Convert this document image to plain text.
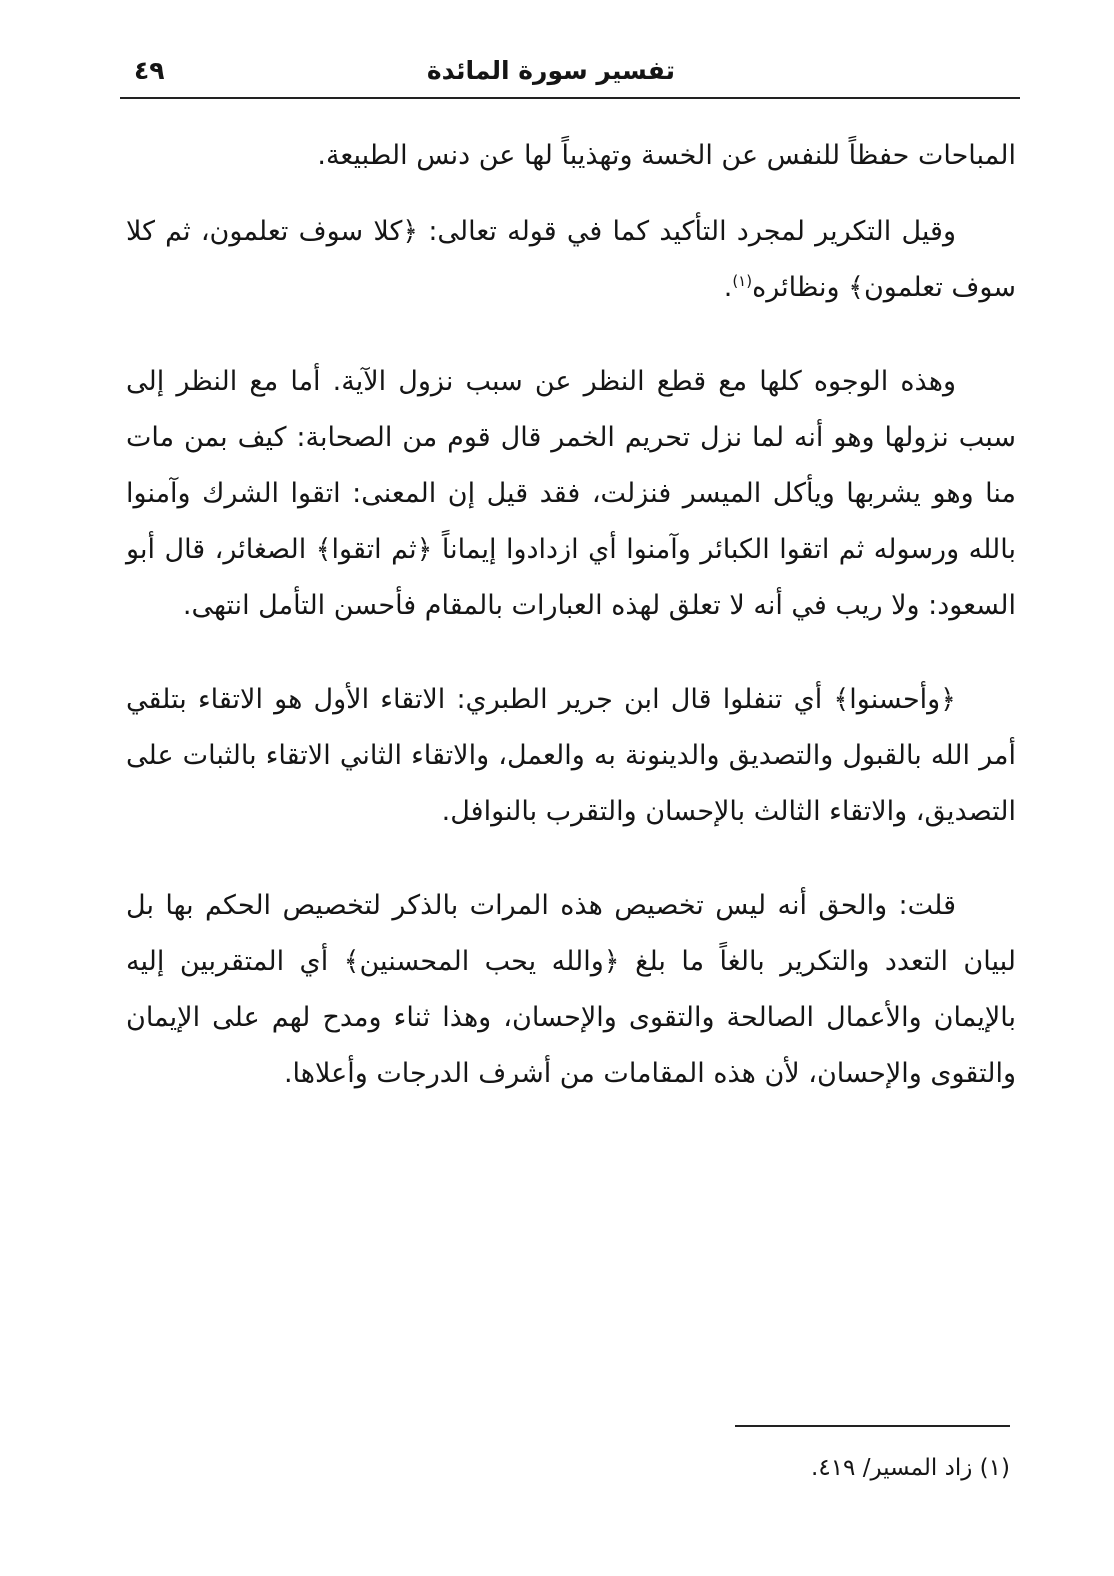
تفسير سورة المائدة
٤٩

المباحات حفظاً للنفس عن الخسة وتهذيباً لها عن دنس الطبيعة.

وقيل التكرير لمجرد التأكيد كما في قوله تعالى: ﴿كلا سوف تعلمون، ثم كلا سوف تعلمون﴾ ونظائره$^{(١)}$.

وهذه الوجوه كلها مع قطع النظر عن سبب نزول الآية. أما مع النظر إلى سبب نزولها وهو أنه لما نزل تحريم الخمر قال قوم من الصحابة: كيف بمن مات منا وهو يشربها ويأكل الميسر فنزلت، فقد قيل إن المعنى: اتقوا الشرك وآمنوا بالله ورسوله ثم اتقوا الكبائر وآمنوا أي ازدادوا إيماناً ﴿ثم اتقوا﴾ الصغائر، قال أبو السعود: ولا ريب في أنه لا تعلق لهذه العبارات بالمقام فأحسن التأمل انتهى.

﴿وأحسنوا﴾ أي تنفلوا قال ابن جرير الطبري: الاتقاء الأول هو الاتقاء بتلقي أمر الله بالقبول والتصديق والدينونة به والعمل، والاتقاء الثاني الاتقاء بالثبات على التصديق، والاتقاء الثالث بالإحسان والتقرب بالنوافل.

قلت: والحق أنه ليس تخصيص هذه المرات بالذكر لتخصيص الحكم بها بل لبيان التعدد والتكرير بالغاً ما بلغ ﴿والله يحب المحسنين﴾ أي المتقربين إليه بالإيمان والأعمال الصالحة والتقوى والإحسان، وهذا ثناء ومدح لهم على الإيمان والتقوى والإحسان، لأن هذه المقامات من أشرف الدرجات وأعلاها.

(١) زاد المسير/ ٤١٩.
